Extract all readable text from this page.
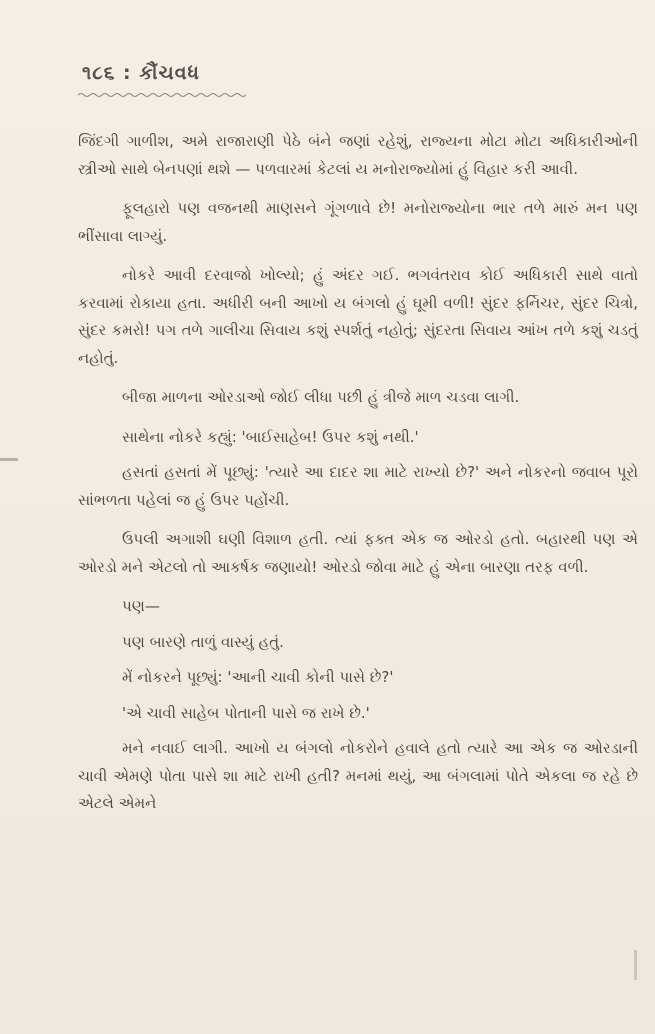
૧૮૬ : કૌંચવધ

જિંદગી ગાળીશ, અમે રાજારાણી પેઠે બંને જણાં રહેશું, રાજ્યના મોટા મોટા અધિકારીઓની સ્ત્રીઓ સાથે બેનપણાં થશે — પળવારમાં કેટલાં ય મનોરાજ્યોમાં હું વિહાર કરી આવી.

ફૂલહારો પણ વજનથી માણસને ગૂંગળાવે છે! મનોરાજ્યોના ભાર તળે મારું મન પણ ભીંસાવા લાગ્યું.

નોકરે આવી દરવાજો ખોલ્યો; હું અંદર ગઈ. ભગવંતરાવ કોઈ અધિકારી સાથે વાતો કરવામાં રોકાયા હતા. અધીરી બની આખો ય બંગલો હું ઘૂમી વળી! સુંદર ફર્નિચર, સુંદર ચિત્રો, સુંદર કમરો! પગ તળે ગાલીચા સિવાય કશું સ્પર્શતું નહોતું; સુંદરતા સિવાય આંખ તળે કશું ચડતું નહોતું.

બીજા માળના ઓરડાઓ જોઈ લીધા પછી હું ત્રીજે માળ ચડવા લાગી.

સાથેના નોકરે કહ્યું: 'બાઈસાહેબ! ઉપર કશું નથી.'

હસતાં હસતાં મેં પૂછ્યું: 'ત્યારે આ દાદર શા માટે રાખ્યો છે?' અને નોકરનો જવાબ પૂરો સાંભળતા પહેલાં જ હું ઉપર પહોંચી.

ઉપલી અગાશી ઘણી વિશાળ હતી. ત્યાં ફક્ત એક જ ઓરડો હતો. બહારથી પણ એ ઓરડો મને એટલો તો આકર્ષક જણાયો! ઓરડો જોવા માટે હું એના બારણા તરફ વળી.

પણ—

પણ બારણે તાળું વાસ્યું હતું.

મેં નોકરને પૂછ્યું: 'આની ચાવી કોની પાસે છે?'

'એ ચાવી સાહેબ પોતાની પાસે જ રાખે છે.'

મને નવાઈ લાગી. આખો ય બંગલો નોકરોને હવાલે હતો ત્યારે આ એક જ ઓરડાની ચાવી એમણે પોતા પાસે શા માટે રાખી હતી? મનમાં થયું, આ બંગલામાં પોતે એકલા જ રહે છે એટલે એમને
